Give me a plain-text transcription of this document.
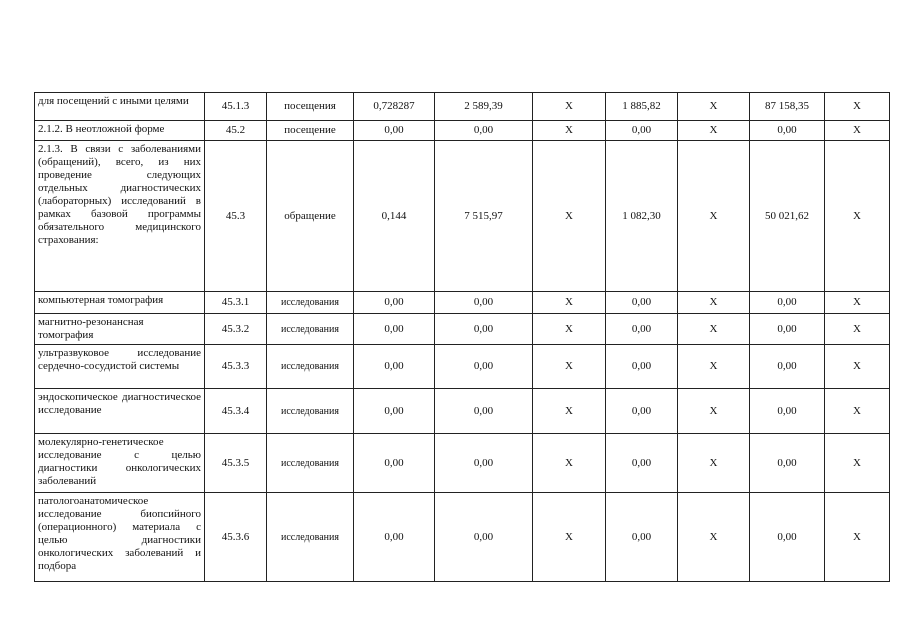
для посещений с иными целями	45.1.3	посещения	0,728287	2 589,39	X	1 885,82	X	87 158,35	X
2.1.2. В неотложной форме	45.2	посещение	0,00	0,00	X	0,00	X	0,00	X
2.1.3. В связи с заболеваниями (обращений), всего, из них проведение следующих отдельных диагностических (лабораторных) исследований в рамках базовой программы обязательного медицинского страхования:	45.3	обращение	0,144	7 515,97	X	1 082,30	X	50 021,62	X
компьютерная томография	45.3.1	исследования	0,00	0,00	X	0,00	X	0,00	X
магнитно-резонансная томография	45.3.2	исследования	0,00	0,00	X	0,00	X	0,00	X
ультразвуковое исследование сердечно-сосудистой системы	45.3.3	исследования	0,00	0,00	X	0,00	X	0,00	X
эндоскопическое диагностическое исследование	45.3.4	исследования	0,00	0,00	X	0,00	X	0,00	X
молекулярно-генетическое исследование с целью диагностики онкологических заболеваний	45.3.5	исследования	0,00	0,00	X	0,00	X	0,00	X
патологоанатомическое исследование биопсийного (операционного) материала с целью диагностики онкологических заболеваний и подбора	45.3.6	исследования	0,00	0,00	X	0,00	X	0,00	X
